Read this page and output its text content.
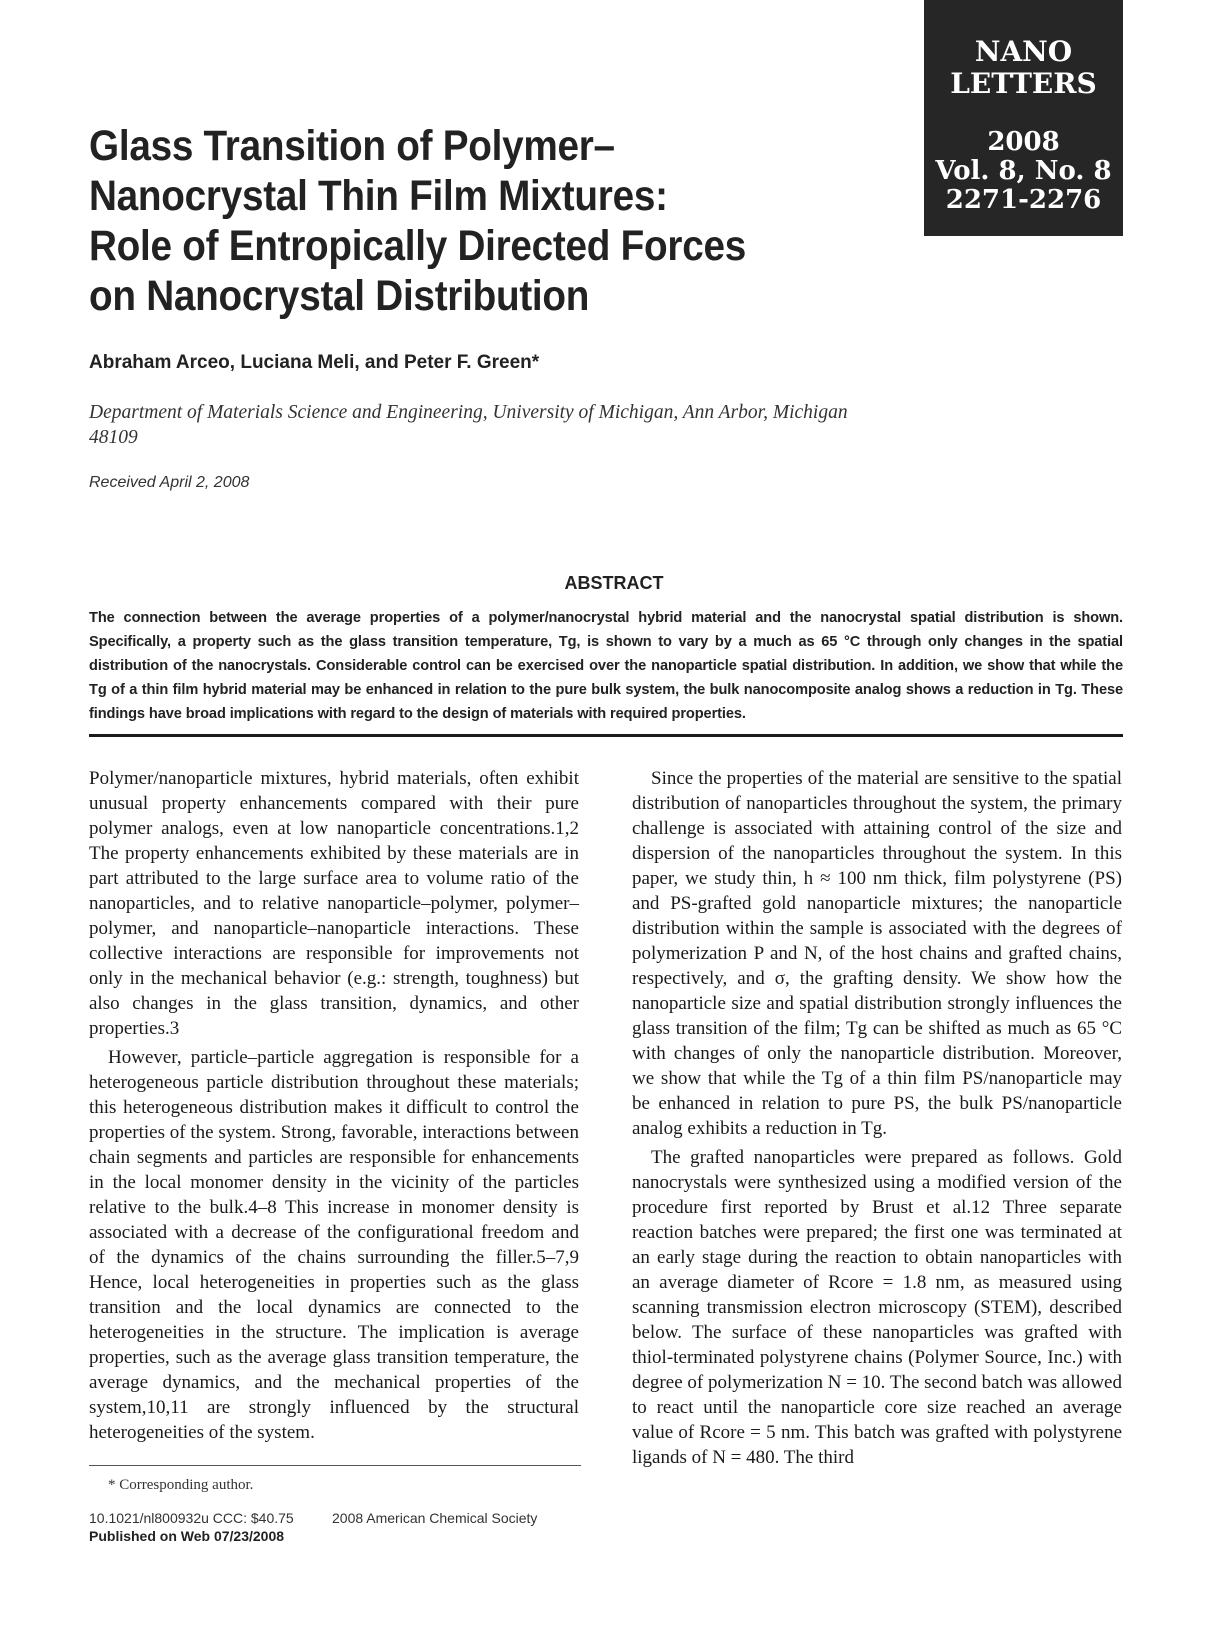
NANO
LETTERS
2008
Vol. 8, No. 8
2271-2276
Glass Transition of Polymer–Nanocrystal Thin Film Mixtures: Role of Entropically Directed Forces on Nanocrystal Distribution
Abraham Arceo, Luciana Meli, and Peter F. Green*
Department of Materials Science and Engineering, University of Michigan, Ann Arbor, Michigan 48109
Received April 2, 2008
ABSTRACT
The connection between the average properties of a polymer/nanocrystal hybrid material and the nanocrystal spatial distribution is shown. Specifically, a property such as the glass transition temperature, Tg, is shown to vary by a much as 65 °C through only changes in the spatial distribution of the nanocrystals. Considerable control can be exercised over the nanoparticle spatial distribution. In addition, we show that while the Tg of a thin film hybrid material may be enhanced in relation to the pure bulk system, the bulk nanocomposite analog shows a reduction in Tg. These findings have broad implications with regard to the design of materials with required properties.

Polymer/nanoparticle mixtures, hybrid materials, often exhibit unusual property enhancements compared with their pure polymer analogs, even at low nanoparticle concentrations.1,2 The property enhancements exhibited by these materials are in part attributed to the large surface area to volume ratio of the nanoparticles, and to relative nanoparticle–polymer, polymer–polymer, and nanoparticle–nanoparticle interactions. These collective interactions are responsible for improvements not only in the mechanical behavior (e.g.: strength, toughness) but also changes in the glass transition, dynamics, and other properties.3

However, particle–particle aggregation is responsible for a heterogeneous particle distribution throughout these materials; this heterogeneous distribution makes it difficult to control the properties of the system. Strong, favorable, interactions between chain segments and particles are responsible for enhancements in the local monomer density in the vicinity of the particles relative to the bulk.4–8 This increase in monomer density is associated with a decrease of the configurational freedom and of the dynamics of the chains surrounding the filler.5–7,9 Hence, local heterogeneities in properties such as the glass transition and the local dynamics are connected to the heterogeneities in the structure. The implication is average properties, such as the average glass transition temperature, the average dynamics, and the mechanical properties of the system,10,11 are strongly influenced by the structural heterogeneities of the system.

Since the properties of the material are sensitive to the spatial distribution of nanoparticles throughout the system, the primary challenge is associated with attaining control of the size and dispersion of the nanoparticles throughout the system. In this paper, we study thin, h ≈ 100 nm thick, film polystyrene (PS) and PS-grafted gold nanoparticle mixtures; the nanoparticle distribution within the sample is associated with the degrees of polymerization P and N, of the host chains and grafted chains, respectively, and σ, the grafting density. We show how the nanoparticle size and spatial distribution strongly influences the glass transition of the film; Tg can be shifted as much as 65 °C with changes of only the nanoparticle distribution. Moreover, we show that while the Tg of a thin film PS/nanoparticle may be enhanced in relation to pure PS, the bulk PS/nanoparticle analog exhibits a reduction in Tg.

The grafted nanoparticles were prepared as follows. Gold nanocrystals were synthesized using a modified version of the procedure first reported by Brust et al.12 Three separate reaction batches were prepared; the first one was terminated at an early stage during the reaction to obtain nanoparticles with an average diameter of Rcore = 1.8 nm, as measured using scanning transmission electron microscopy (STEM), described below. The surface of these nanoparticles was grafted with thiol-terminated polystyrene chains (Polymer Source, Inc.) with degree of polymerization N = 10. The second batch was allowed to react until the nanoparticle core size reached an average value of Rcore = 5 nm. This batch was grafted with polystyrene ligands of N = 480. The third

* Corresponding author.
10.1021/nl800932u CCC: $40.75	2008 American Chemical Society
Published on Web 07/23/2008
